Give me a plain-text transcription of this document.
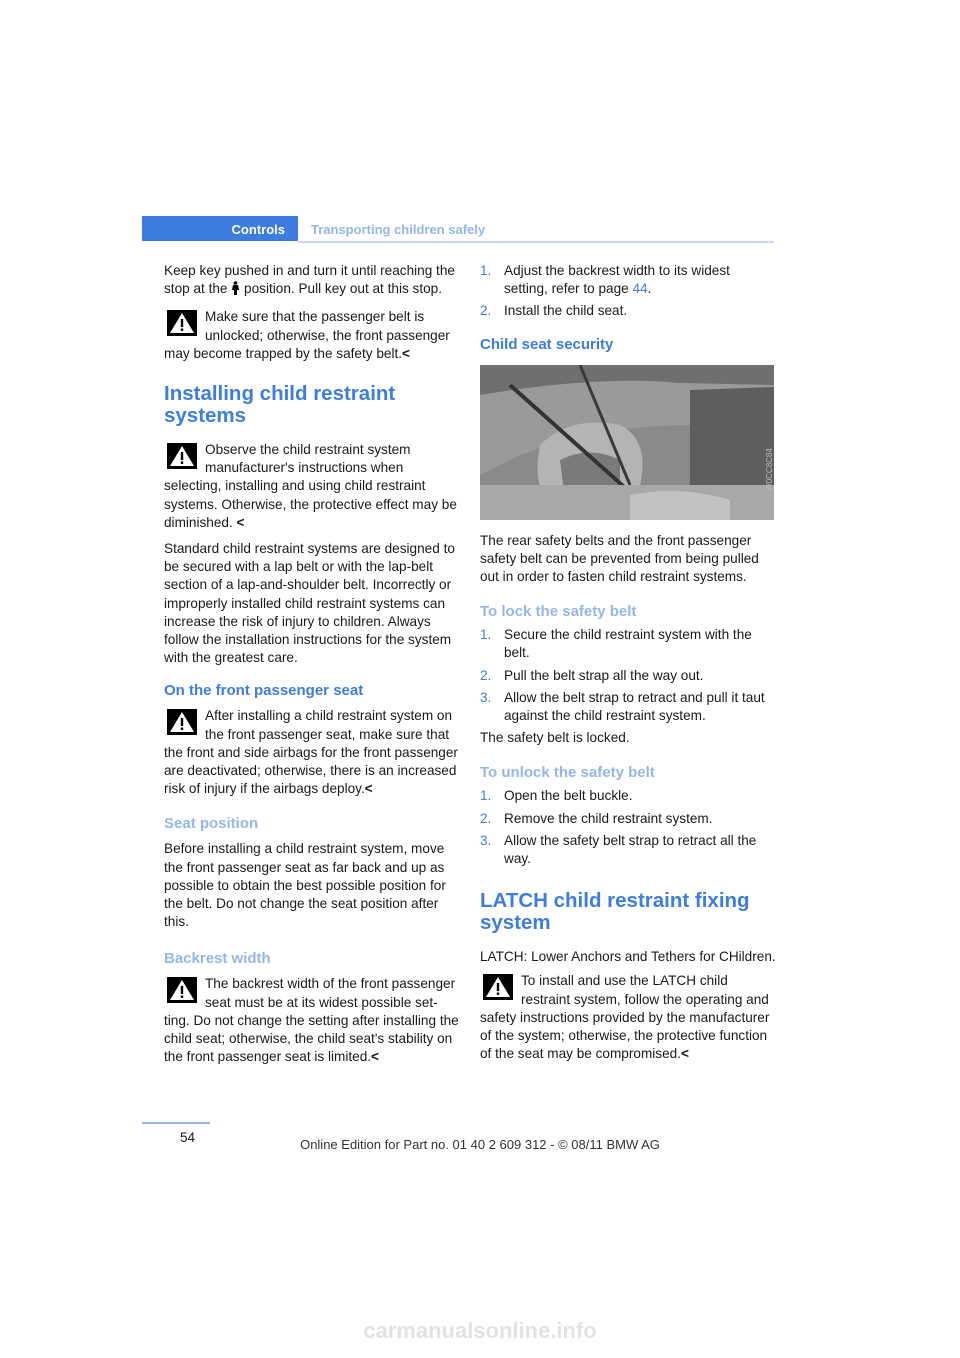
Controls	Transporting children safely

Keep key pushed in and turn it until reaching the stop at the  position. Pull key out at this stop.

Make sure that the passenger belt is unlocked; otherwise, the front passenger may become trapped by the safety belt.<

Installing child restraint systems

Observe the child restraint system manufacturer's instructions when selecting, installing and using child restraint systems. Otherwise, the protective effect may be diminished. <

Standard child restraint systems are designed to be secured with a lap belt or with the lap-belt section of a lap-and-shoulder belt. Incorrectly or improperly installed child restraint systems can increase the risk of injury to children. Always follow the installation instructions for the system with the greatest care.

On the front passenger seat

After installing a child restraint system on the front passenger seat, make sure that the front and side airbags for the front passenger are deactivated; otherwise, there is an increased risk of injury if the airbags deploy.<

Seat position

Before installing a child restraint system, move the front passenger seat as far back and up as possible to obtain the best possible position for the belt. Do not change the seat position after this.

Backrest width

The backrest width of the front passenger seat must be at its widest possible set- ting. Do not change the setting after installing the child seat; otherwise, the child seat's stability on the front passenger seat is limited.<

1. Adjust the backrest width to its widest setting, refer to page 44.
2. Install the child seat.
Child seat security
W0CC8C84

The rear safety belts and the front passenger safety belt can be prevented from being pulled out in order to fasten child restraint systems.

To lock the safety belt
1. Secure the child restraint system with the belt.
2. Pull the belt strap all the way out.
3. Allow the belt strap to retract and pull it taut against the child restraint system.

The safety belt is locked.

To unlock the safety belt
1. Open the belt buckle.
2. Remove the child restraint system.
3. Allow the safety belt strap to retract all the way.
LATCH child restraint fixing system

LATCH: Lower Anchors and Tethers for CHildren.

To install and use the LATCH child restraint system, follow the operating and safety instructions provided by the manufacturer of the system; otherwise, the protective function of the seat may be compromised.<

54	Online Edition for Part no. 01 40 2 609 312 - © 08/11 BMW AG
carmanualsonline.info
